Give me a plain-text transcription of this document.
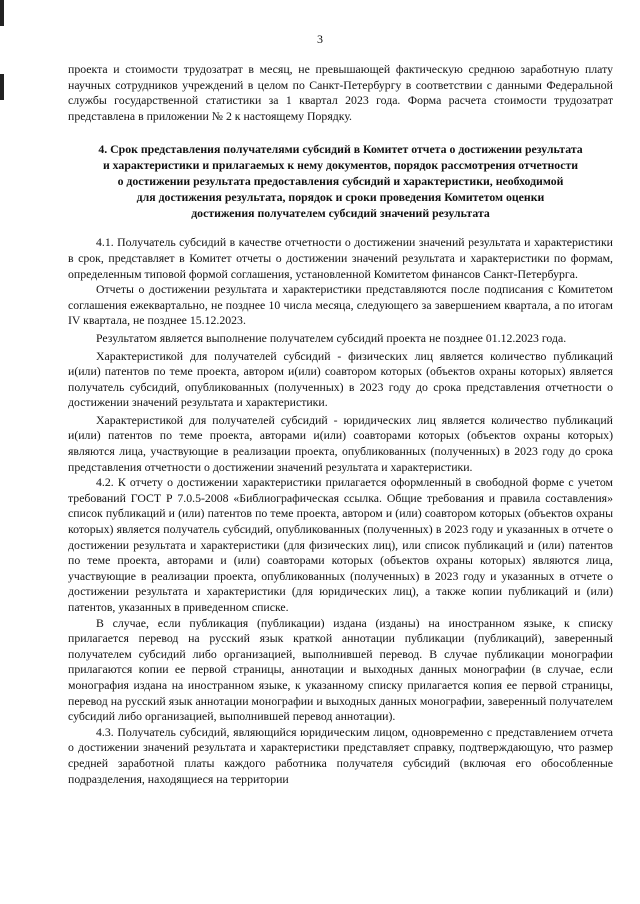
3

проекта и стоимости трудозатрат в месяц, не превышающей фактическую среднюю заработную плату научных сотрудников учреждений в целом по Санкт-Петербургу в соответствии с данными Федеральной службы государственной статистики за 1 квартал 2023 года. Форма расчета стоимости трудозатрат представлена в приложении № 2 к настоящему Порядку.

4. Срок представления получателями субсидий в Комитет отчета о достижении результата
и характеристики и прилагаемых к нему документов, порядок рассмотрения отчетности
о достижении результата предоставления субсидий и характеристики, необходимой
для достижения результата, порядок и сроки проведения Комитетом оценки
достижения получателем субсидий значений результата

4.1. Получатель субсидий в качестве отчетности о достижении значений результата и характеристики в срок, представляет в Комитет отчеты о достижении значений результата и характеристики по формам, определенным типовой формой соглашения, установленной Комитетом финансов Санкт-Петербурга.

Отчеты о достижении результата и характеристики представляются после подписания с Комитетом соглашения ежеквартально, не позднее 10 числа месяца, следующего за завершением квартала, а по итогам IV квартала, не позднее 15.12.2023.

Результатом является выполнение получателем субсидий проекта не позднее 01.12.2023 года.

Характеристикой для получателей субсидий - физических лиц является количество публикаций и(или) патентов по теме проекта, автором и(или) соавтором которых (объектов охраны которых) является получатель субсидий, опубликованных (полученных) в 2023 году до срока представления отчетности о достижении значений результата и характеристики.

Характеристикой для получателей субсидий - юридических лиц является количество публикаций и(или) патентов по теме проекта, авторами и(или) соавторами которых (объектов охраны которых) являются лица, участвующие в реализации проекта, опубликованных (полученных) в 2023 году до срока представления отчетности о достижении значений результата и характеристики.

4.2. К отчету о достижении характеристики прилагается оформленный в свободной форме с учетом требований ГОСТ Р 7.0.5-2008 «Библиографическая ссылка. Общие требования и правила составления» список публикаций и (или) патентов по теме проекта, автором и (или) соавтором которых (объектов охраны которых) является получатель субсидий, опубликованных (полученных) в 2023 году и указанных в отчете о достижении результата и характеристики (для физических лиц), или список публикаций и (или) патентов по теме проекта, авторами и (или) соавторами которых (объектов охраны которых) являются лица, участвующие в реализации проекта, опубликованных (полученных) в 2023 году и указанных в отчете о достижении результата и характеристики (для юридических лиц), а также копии публикаций и (или) патентов, указанных в приведенном списке.

В случае, если публикация (публикации) издана (изданы) на иностранном языке, к списку прилагается перевод на русский язык краткой аннотации публикации (публикаций), заверенный получателем субсидий либо организацией, выполнившей перевод. В случае публикации монографии прилагаются копии ее первой страницы, аннотации и выходных данных монографии (в случае, если монография издана на иностранном языке, к указанному списку прилагается копия ее первой страницы, перевод на русский язык аннотации монографии и выходных данных монографии, заверенный получателем субсидий либо организацией, выполнившей перевод аннотации).

4.3. Получатель субсидий, являющийся юридическим лицом, одновременно с представлением отчета о достижении значений результата и характеристики представляет справку, подтверждающую, что размер средней заработной платы каждого работника получателя субсидий (включая его обособленные подразделения, находящиеся на территории
